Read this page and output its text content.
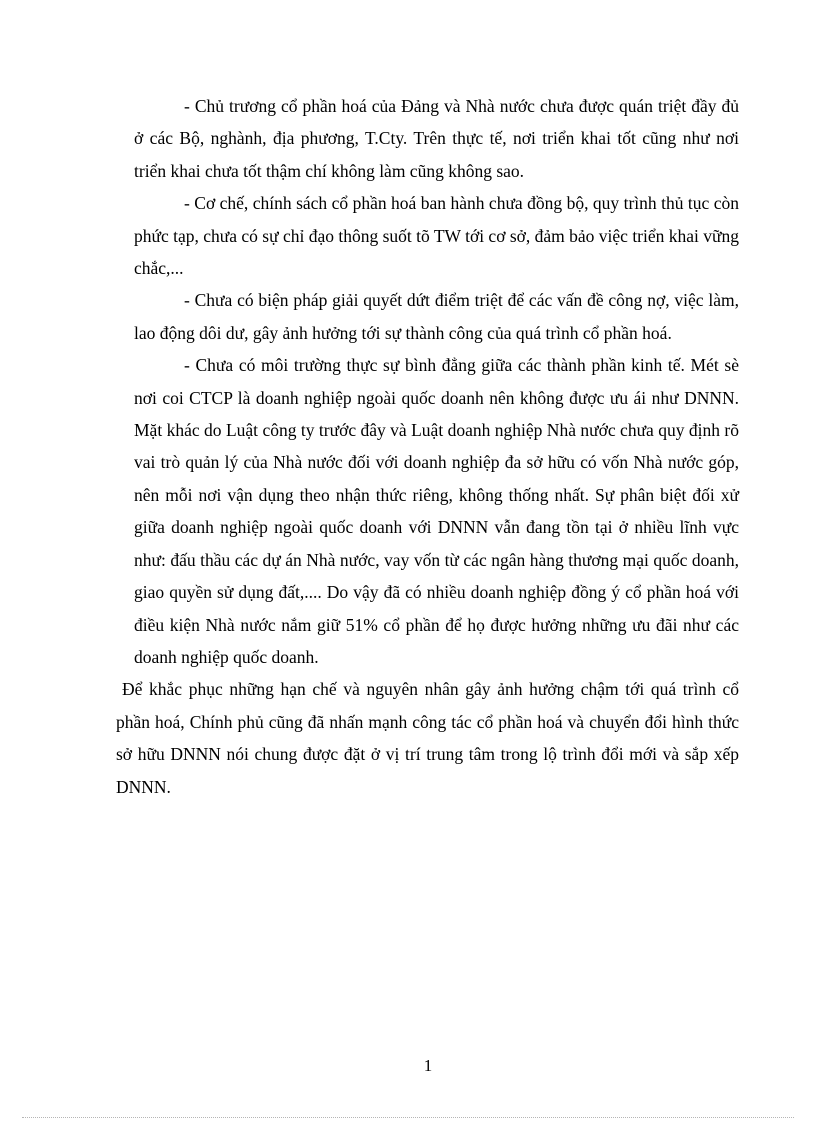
- Chủ trương cổ phần hoá của Đảng và Nhà nước chưa được quán triệt đầy đủ ở các Bộ, nghành, địa phương, T.Cty. Trên thực tế, nơi triển khai tốt cũng như nơi triển khai chưa tốt thậm chí không làm cũng không sao.

- Cơ chế, chính sách cổ phần hoá ban hành chưa đồng bộ, quy trình thủ tục còn phức tạp, chưa có sự chỉ đạo thông suốt tõ TW tới cơ sở, đảm bảo việc triển khai vững chắc,...

- Chưa có biện pháp giải quyết dứt điểm triệt để các vấn đề công nợ, việc làm, lao động dôi dư, gây ảnh hưởng tới sự thành công của quá trình cổ phần hoá.

- Chưa có môi trường thực sự bình đẳng giữa các thành phần kinh tế. Mét sè nơi coi CTCP là doanh nghiệp ngoài quốc doanh nên không được ưu ái như DNNN. Mặt khác do Luật công ty trước đây và Luật doanh nghiệp Nhà nước chưa quy định rõ vai trò quản lý của Nhà nước đối với doanh nghiệp đa sở hữu có vốn Nhà nước góp, nên mỗi nơi vận dụng theo nhận thức riêng, không thống nhất. Sự phân biệt đối xử giữa doanh nghiệp ngoài quốc doanh với DNNN vẫn đang tồn tại ở nhiều lĩnh vực như: đấu thầu các dự án Nhà nước, vay vốn từ các ngân hàng thương mại quốc doanh, giao quyền sử dụng đất,.... Do vậy đã có nhiều doanh nghiệp đồng ý cổ phần hoá với điều kiện Nhà nước nắm giữ 51% cổ phần để họ được hưởng những ưu đãi như các doanh nghiệp quốc doanh.

Để khắc phục những hạn chế và nguyên nhân gây ảnh hưởng chậm tới quá trình cổ phần hoá, Chính phủ cũng đã nhấn mạnh công tác cổ phần hoá và chuyển đổi hình thức sở hữu DNNN nói chung được đặt ở vị trí trung tâm trong lộ trình đổi mới và sắp xếp DNNN.

1
